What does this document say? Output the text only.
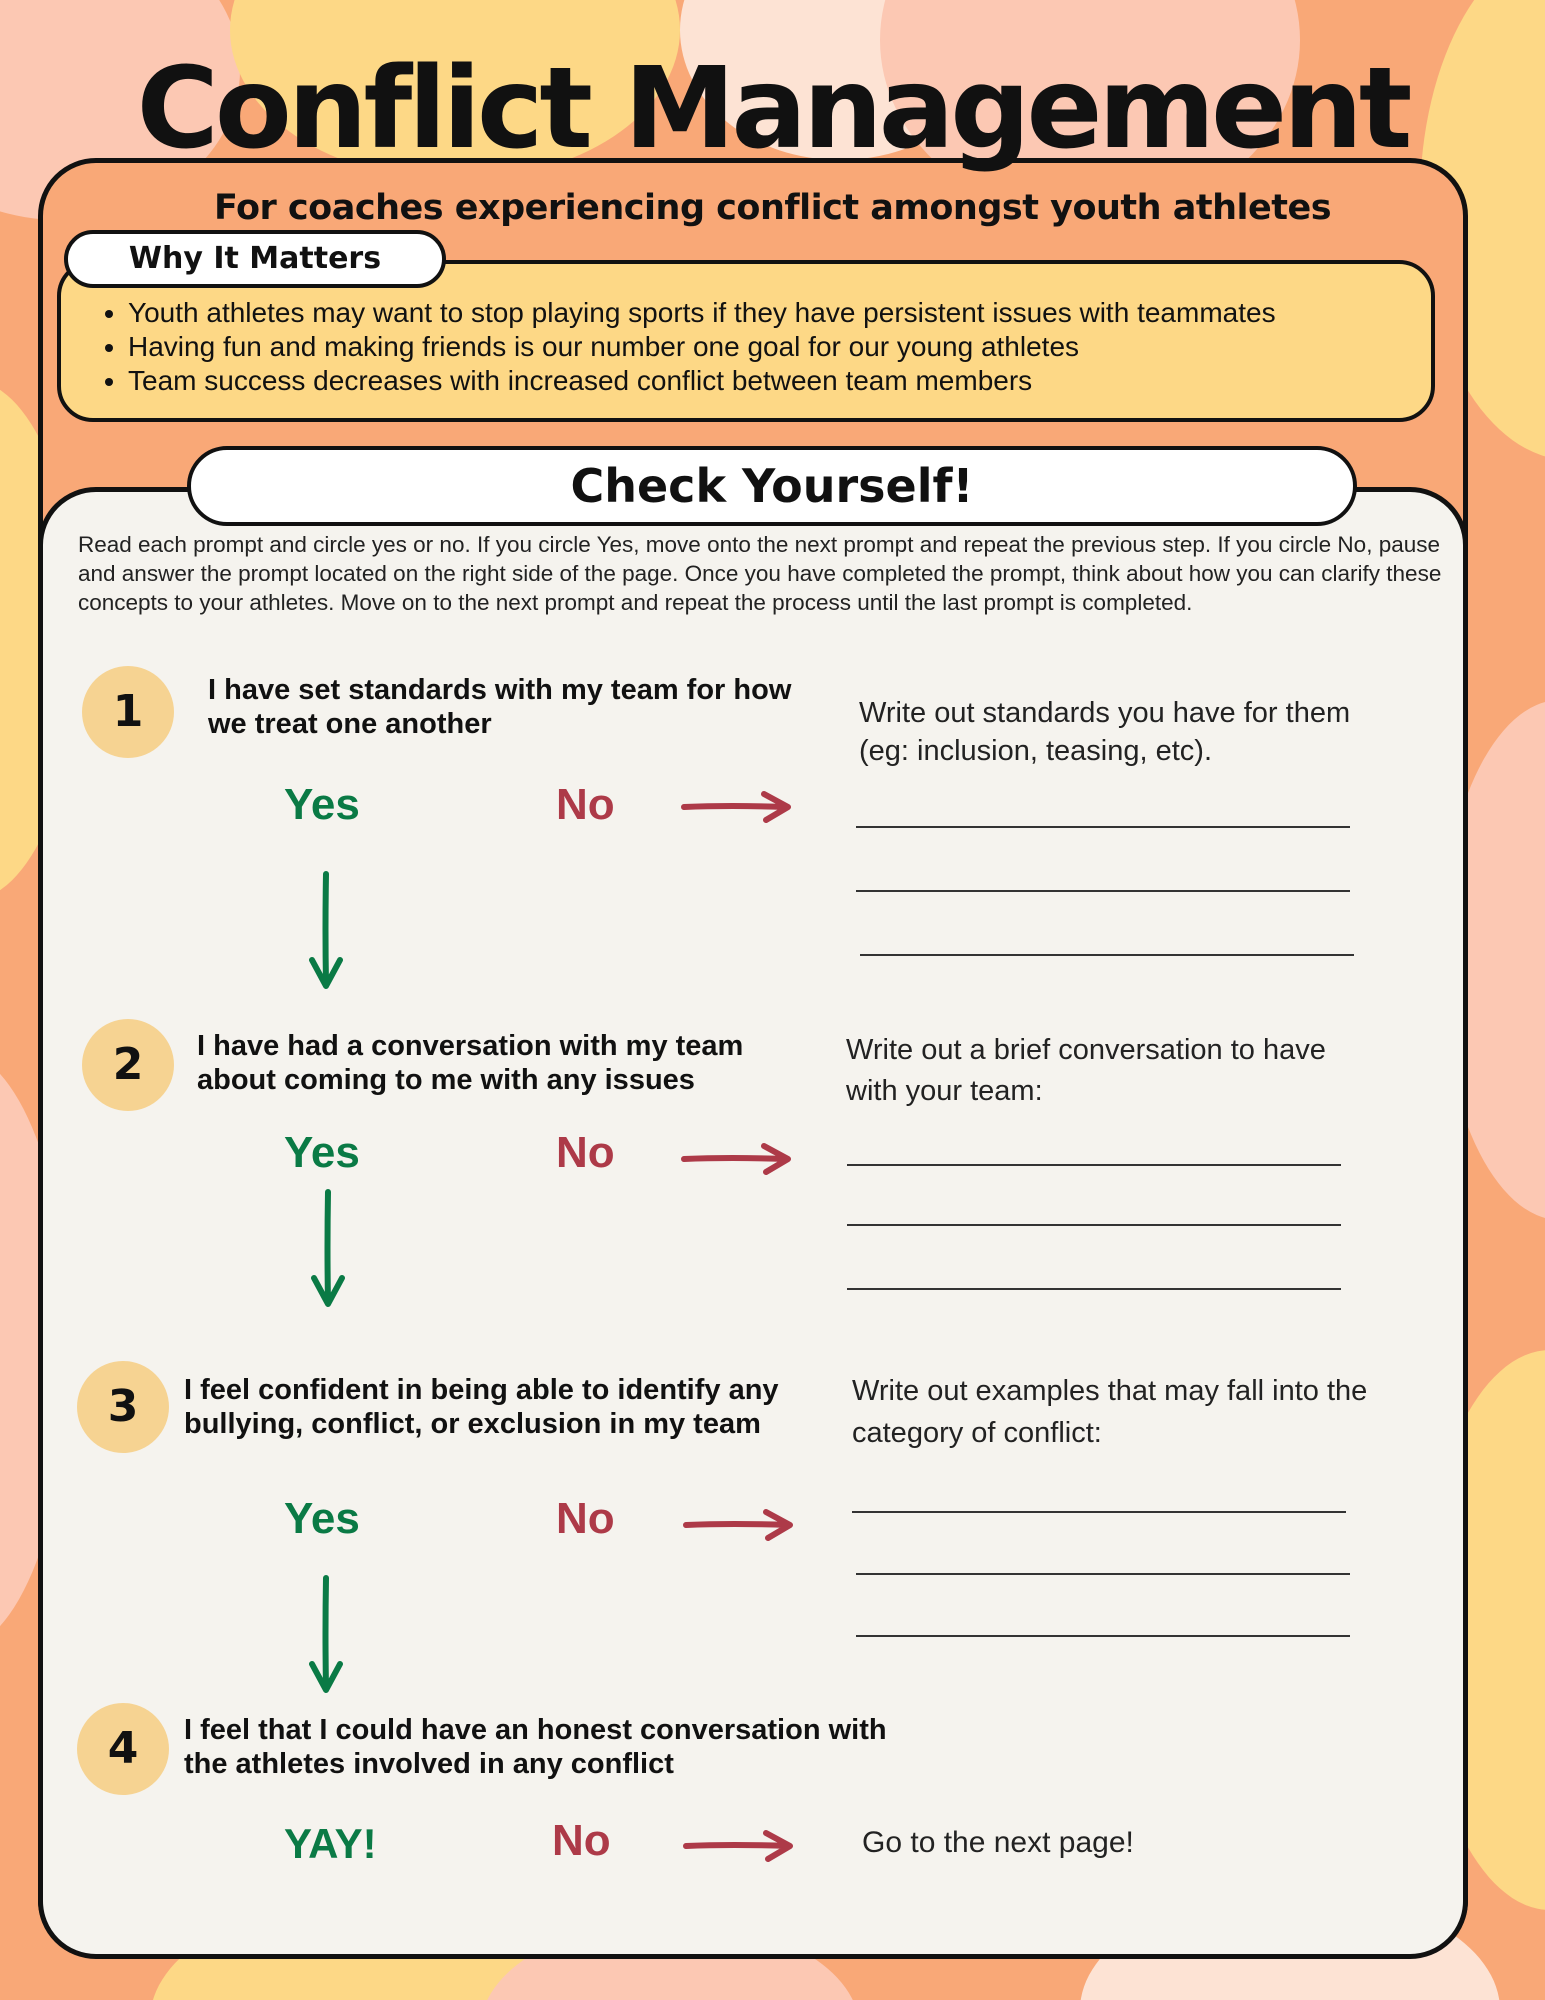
Conflict Management

For coaches experiencing conflict amongst youth athletes

Why It Matters
• Youth athletes may want to stop playing sports if they have persistent issues with teammates
• Having fun and making friends is our number one goal for our young athletes
• Team success decreases with increased conflict between team members
Check Yourself!

Read each prompt and circle yes or no. If you circle Yes, move onto the next prompt and repeat the previous step. If you circle No, pause and answer the prompt located on the right side of the page. Once you have completed the prompt, think about how you can clarify these concepts to your athletes. Move on to the next prompt and repeat the process until the last prompt is completed.

1	I have set standards with my team for how we treat one another

Yes	No

Write out standards you have for them (eg: inclusion, teasing, etc).

2	I have had a conversation with my team about coming to me with any issues

Yes	No

Write out a brief conversation to have with your team:

3	I feel confident in being able to identify any bullying, conflict, or exclusion in my team

Yes	No

Write out examples that may fall into the category of conflict:

4	I feel that I could have an honest conversation with the athletes involved in any conflict

YAY!	No	Go to the next page!
